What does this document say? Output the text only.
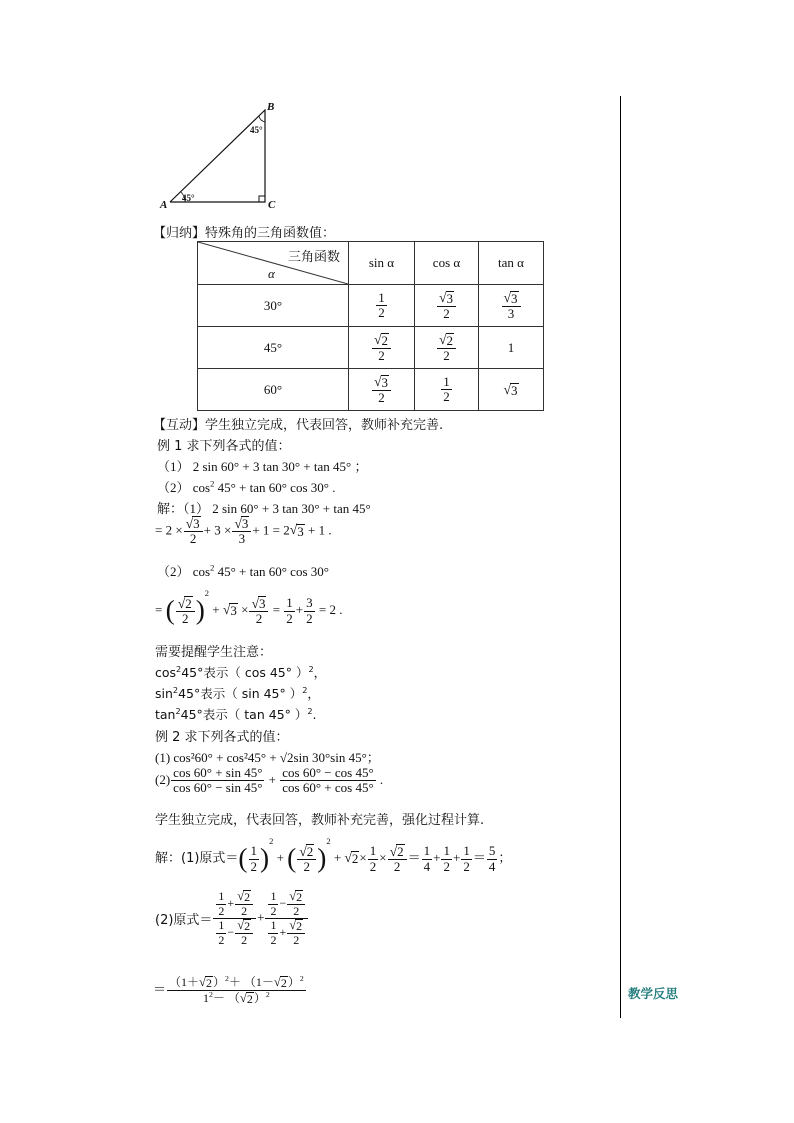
教学反思
A
B
C
45°
45°
【归纳】特殊角的三角函数值：
三角函数
α	sin α	cos α	tan α
30°	$\frac{1}{2}$	$\frac{√ 3}{2}$	$\frac{√ 3}{3}$

45°	$\frac{√ 2}{2}$	$\frac{√ 2}{2}$	1
60°	$\frac{√ 3}{2}$	$\frac{1}{2}$	√ 3
【互动】学生独立完成，代表回答，教师补充完善.
例 1 求下列各式的值：
（1） 2 sin 60° + 3 tan 30° + tan 45° ；
（2） $\cos^2 45^\circ + \tan 60^\circ$ cos 30° .
解：（1） 2 sin 60° + 3 tan 30° + tan 45°
= $2 \times \frac{√ 3}{2} + 3 \times \frac{√ 3}{3} + 1 = 2$ √ 3 + 1 .
（2） $\cos^2 45^\circ + \tan 60^\circ$ cos 30°
= ( $\frac{√ 2}{2} )^2$ + √ $3 \times \frac{√ 3}{2} = \frac{1}{2} + \frac{3}{2} = 2$ .
需要提醒学生注意：
$\cos^245^\circ$表示（ cos 45° ）$^2$，
$\sin^245^\circ$表示（ sin 45° ）$^2$，
$\tan^245^\circ$表示（ tan 45° ）$^2$.
例 2 求下列各式的值：
(1) cos²60° + cos²45° + √2sin 30°sin 45°；
$(2) \frac{\cos 60^\circ + \sin 45^\circ}{\cos 60^\circ - \sin 45^\circ} + \frac{\cos 60^\circ - \cos 45^\circ}{\cos 60^\circ + \cos 45^\circ}$ .
学生独立完成，代表回答，教师补充完善，强化过程计算.
解：(1)原式＝( $\frac{1}{2} )^2$ + ( $\frac{√ 2}{2} )^2$ + √ $2 \times \frac{1}{2} \times \frac{√ 2}{2} = \frac{1}{4} + \frac{1}{2} + \frac{1}{2} = \frac{5}{4}$ ；
(2)原式＝ $\frac{\frac{1}{2} + \frac{√ 2}{2}}{\frac{1}{2} - \frac{√ 2}{2}} + \frac{\frac{1}{2} - \frac{√ 2}{2}}{\frac{1}{2} + \frac{√ 2}{2}}$
＝ $\frac{(1+ √ 2 )^2+ (1- √ 2 )^2}{1^2- ( √ 2 )^2}$
